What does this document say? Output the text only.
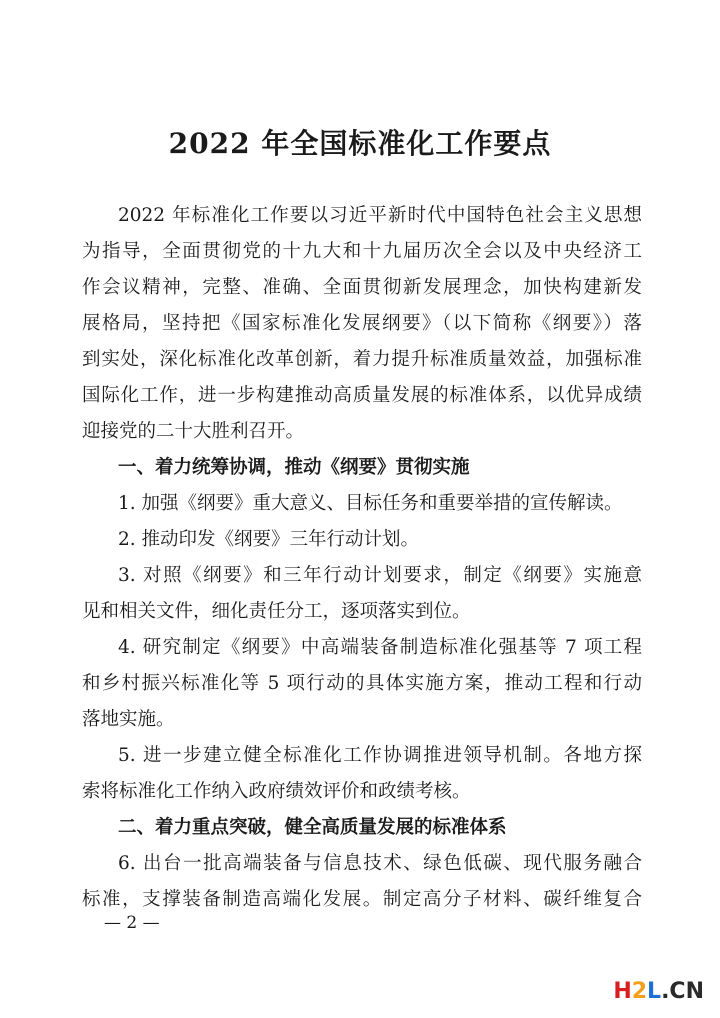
2022 年全国标准化工作要点
2022 年标准化工作要以习近平新时代中国特色社会主义思想
为指导，全面贯彻党的十九大和十九届历次全会以及中央经济工
作会议精神，完整、准确、全面贯彻新发展理念，加快构建新发
展格局，坚持把《国家标准化发展纲要》（以下简称《纲要》）落
到实处，深化标准化改革创新，着力提升标准质量效益，加强标准
国际化工作，进一步构建推动高质量发展的标准体系，以优异成绩
迎接党的二十大胜利召开。
一、着力统筹协调，推动《纲要》贯彻实施
1. 加强《纲要》重大意义、目标任务和重要举措的宣传解读。
2. 推动印发《纲要》三年行动计划。
3. 对照《纲要》和三年行动计划要求，制定《纲要》实施意
见和相关文件，细化责任分工，逐项落实到位。
4. 研究制定《纲要》中高端装备制造标准化强基等 7 项工程
和乡村振兴标准化等 5 项行动的具体实施方案，推动工程和行动
落地实施。
5. 进一步建立健全标准化工作协调推进领导机制。各地方探
索将标准化工作纳入政府绩效评价和政绩考核。
二、着力重点突破，健全高质量发展的标准体系
6. 出台一批高端装备与信息技术、绿色低碳、现代服务融合
标准，支撑装备制造高端化发展。制定高分子材料、碳纤维复合
— 2 —
H2L.CN
